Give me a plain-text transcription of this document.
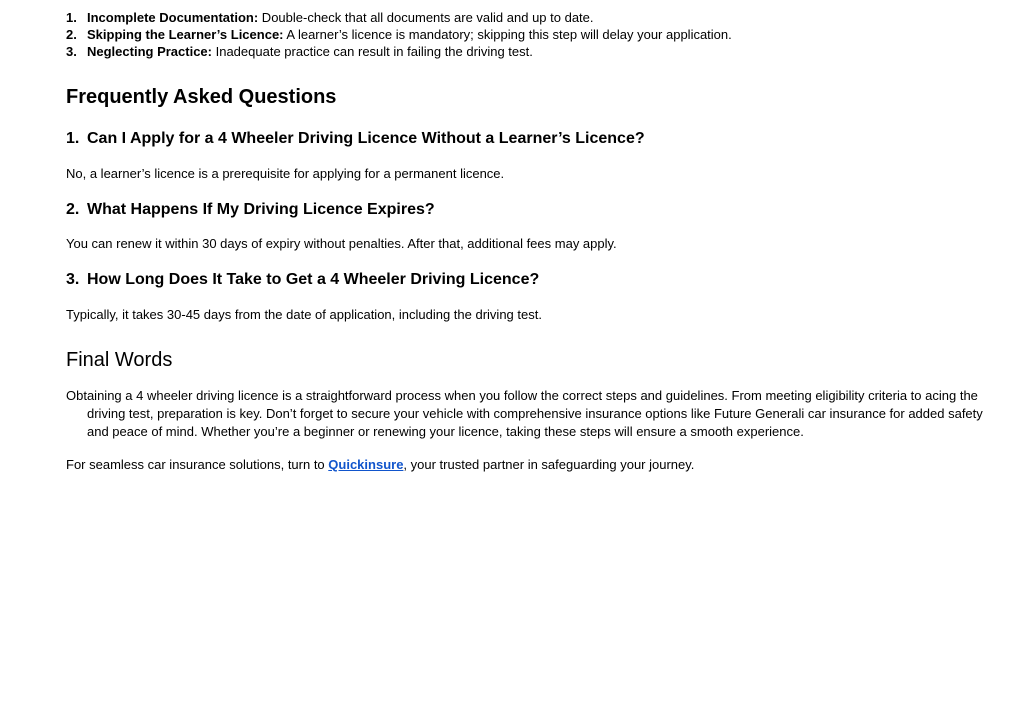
1. Incomplete Documentation: Double-check that all documents are valid and up to date.
2. Skipping the Learner’s Licence: A learner’s licence is mandatory; skipping this step will delay your application.
3. Neglecting Practice: Inadequate practice can result in failing the driving test.
Frequently Asked Questions
1. Can I Apply for a 4 Wheeler Driving Licence Without a Learner’s Licence?

No, a learner’s licence is a prerequisite for applying for a permanent licence.

2. What Happens If My Driving Licence Expires?

You can renew it within 30 days of expiry without penalties. After that, additional fees may apply.

3. How Long Does It Take to Get a 4 Wheeler Driving Licence?

Typically, it takes 30-45 days from the date of application, including the driving test.

Final Words

Obtaining a 4 wheeler driving licence is a straightforward process when you follow the correct steps and guidelines. From meeting eligibility criteria to acing the driving test, preparation is key. Don’t forget to secure your vehicle with comprehensive insurance options like Future Generali car insurance for added safety and peace of mind. Whether you’re a beginner or renewing your licence, taking these steps will ensure a smooth experience.

For seamless car insurance solutions, turn to Quickinsure, your trusted partner in safeguarding your journey.
